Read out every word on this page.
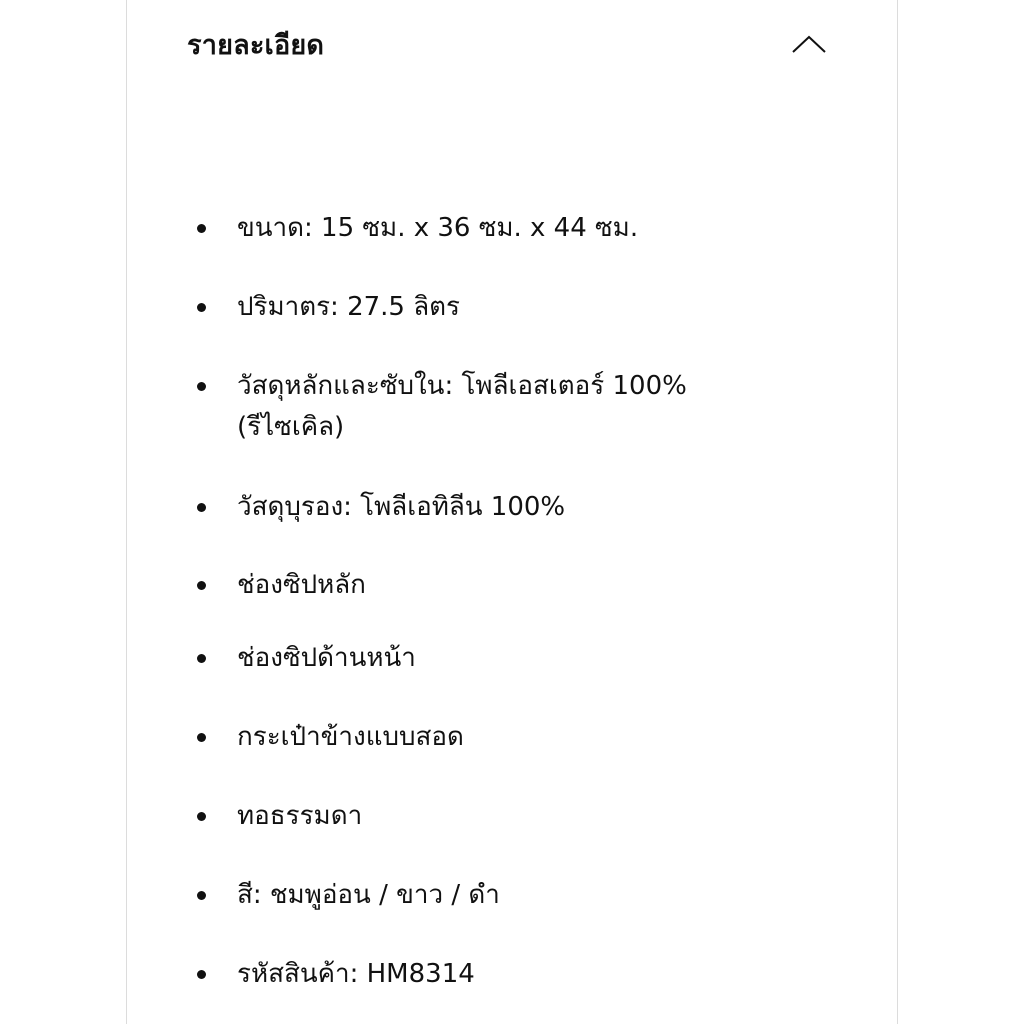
รายละเอียด
ขนาด: 15 ซม. x 36 ซม. x 44 ซม.
ปริมาตร: 27.5 ลิตร
วัสดุหลักและซับใน: โพลีเอสเตอร์ 100% (รีไซเคิล)
วัสดุบุรอง: โพลีเอทิลีน 100%
ช่องซิปหลัก
ช่องซิปด้านหน้า
กระเป๋าข้างแบบสอด
ทอธรรมดา
สี: ชมพูอ่อน / ขาว / ดำ
รหัสสินค้า: HM8314
